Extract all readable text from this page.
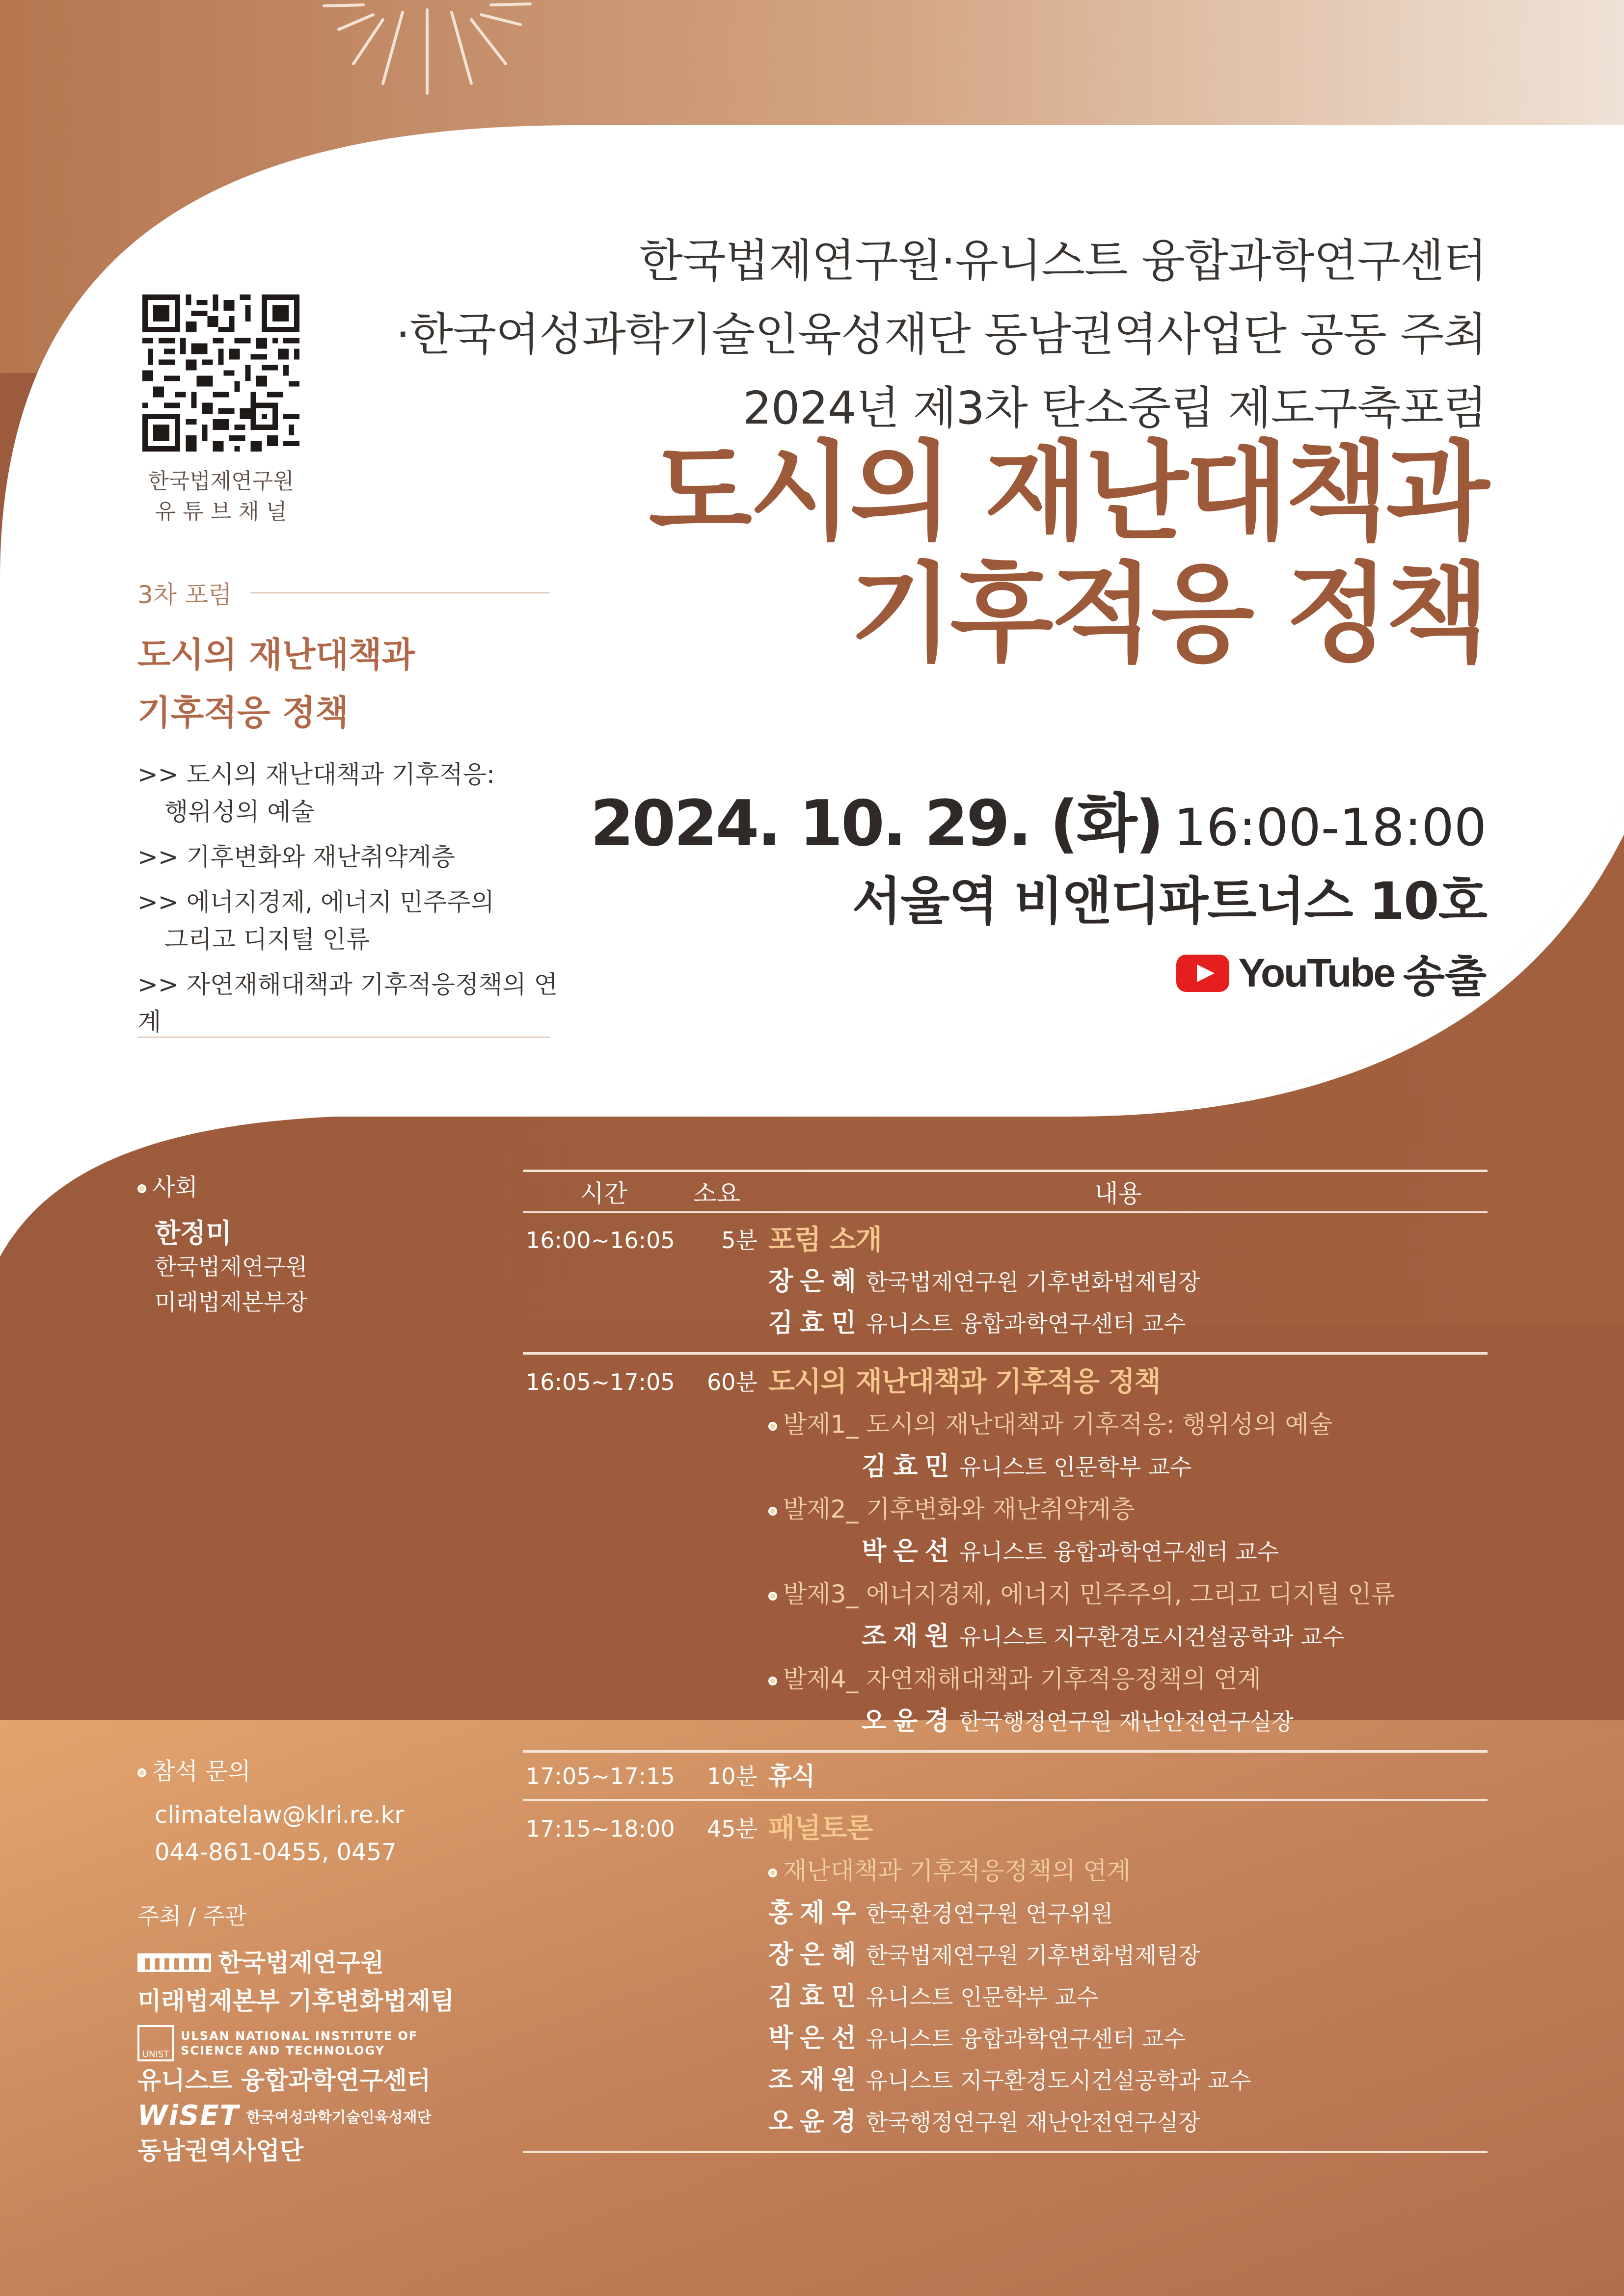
한국법제연구원·유니스트 융합과학연구센터
·한국여성과학기술인육성재단 동남권역사업단 공동 주최
2024년 제3차 탄소중립 제도구축포럼
도시의 재난대책과
기후적응 정책
2024. 10. 29. (화) 16:00-18:00
서울역 비앤디파트너스 10호
YouTube 송출
한국법제연구원
유 튜 브 채 널
3차 포럼
도시의 재난대책과
기후적응 정책
>> 도시의 재난대책과 기후적응:
행위성의 예술
>> 기후변화와 재난취약계층
>> 에너지경제, 에너지 민주주의
그리고 디지털 인류
>> 자연재해대책과 기후적응정책의 연계
사회
한정미
한국법제연구원
미래법제본부장
참석 문의
climatelaw@klri.re.kr
044-861-0455, 0457
주최 / 주관
한국법제연구원
미래법제본부 기후변화법제팀
UNIST
ULSAN NATIONAL INSTITUTE OF
SCIENCE AND TECHNOLOGY
유니스트 융합과학연구센터
WiSET 한국여성과학기술인육성재단
동남권역사업단
시간	소요	내용
16:00~16:05	5분 포럼 소개
장은혜 한국법제연구원 기후변화법제팀장
김효민 유니스트 융합과학연구센터 교수
16:05~17:05	60분 도시의 재난대책과 기후적응 정책
발제1_ 도시의 재난대책과 기후적응: 행위성의 예술
김효민 유니스트 인문학부 교수
발제2_ 기후변화와 재난취약계층
박은선 유니스트 융합과학연구센터 교수
발제3_ 에너지경제, 에너지 민주주의, 그리고 디지털 인류
조재원 유니스트 지구환경도시건설공학과 교수
발제4_ 자연재해대책과 기후적응정책의 연계
오윤경 한국행정연구원 재난안전연구실장
17:05~17:15	10분 휴식
17:15~18:00	45분 패널토론
재난대책과 기후적응정책의 연계
홍제우 한국환경연구원 연구위원
장은혜 한국법제연구원 기후변화법제팀장
김효민 유니스트 인문학부 교수
박은선 유니스트 융합과학연구센터 교수
조재원 유니스트 지구환경도시건설공학과 교수
오윤경 한국행정연구원 재난안전연구실장
